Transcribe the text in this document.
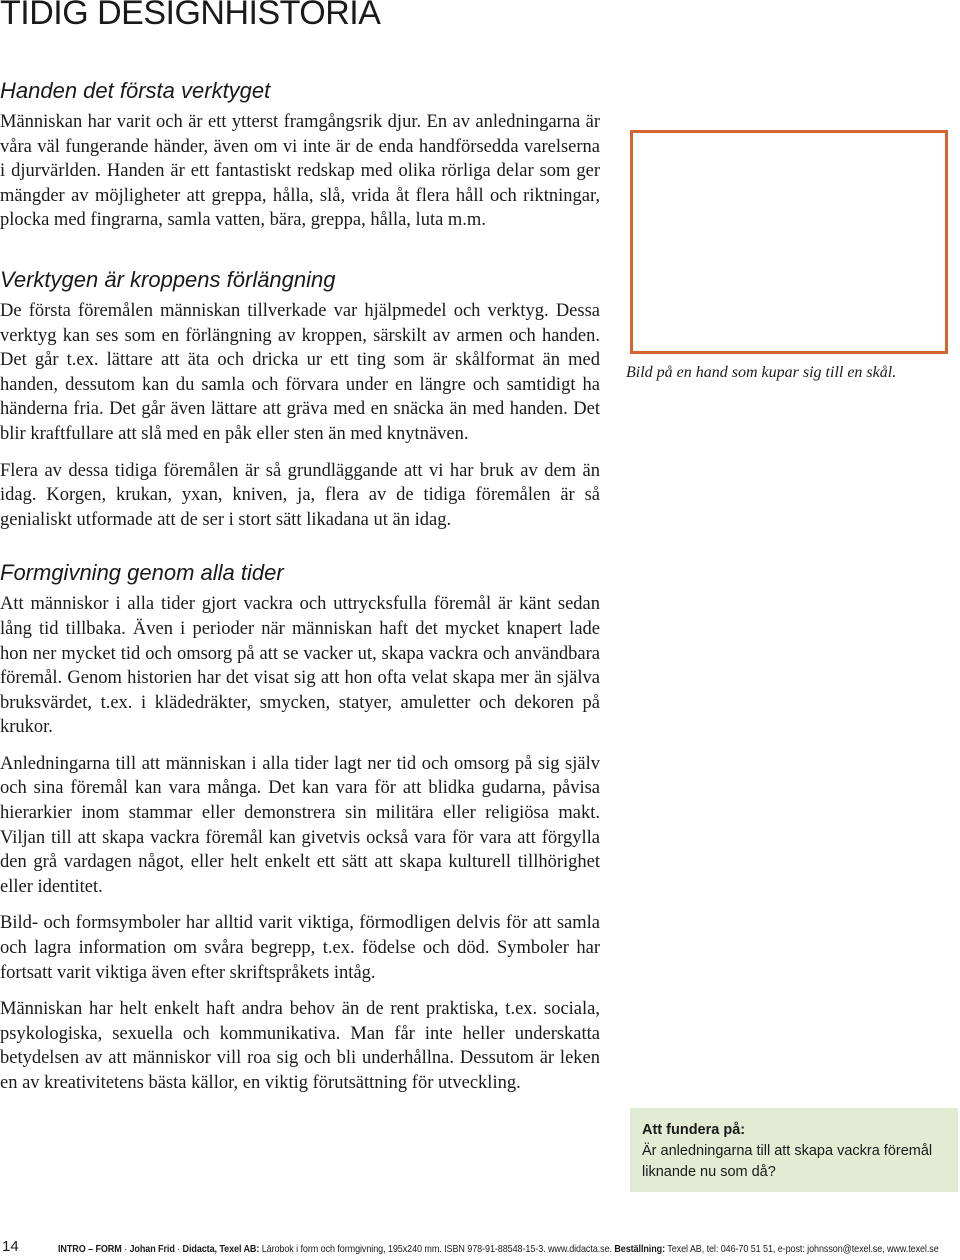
TIDIG DESIGNHISTORIA
Handen det första verktyget

Människan har varit och är ett ytterst framgångsrik djur. En av anledningarna är våra väl fungerande händer, även om vi inte är de enda handförsedda varelserna i djurvärlden. Handen är ett fantastiskt redskap med olika rörliga delar som ger mängder av möjligheter att greppa, hålla, slå, vrida åt flera håll och riktningar, plocka med fingrarna, samla vatten, bära, greppa, hålla, luta m.m.

Verktygen är kroppens förlängning

De första föremålen människan tillverkade var hjälpmedel och verktyg. Dessa verktyg kan ses som en förlängning av kroppen, särskilt av armen och handen. Det går t.ex. lättare att äta och dricka ur ett ting som är skålformat än med handen, dessutom kan du samla och förvara under en längre och samtidigt ha händerna fria. Det går även lättare att gräva med en snäcka än med handen. Det blir kraftfullare att slå med en påk eller sten än med knytnäven.

Flera av dessa tidiga föremålen är så grundläggande att vi har bruk av dem än idag. Korgen, krukan, yxan, kniven, ja, flera av de tidiga föremålen är så genialiskt utformade att de ser i stort sätt likadana ut än idag.

Formgivning genom alla tider

Att människor i alla tider gjort vackra och uttrycksfulla föremål är känt sedan lång tid tillbaka. Även i perioder när människan haft det mycket knapert lade hon ner mycket tid och omsorg på att se vacker ut, skapa vackra och användbara föremål. Genom historien har det visat sig att hon ofta velat skapa mer än själva bruksvärdet, t.ex. i klädedräkter, smycken, statyer, amuletter och dekoren på krukor.

Anledningarna till att människan i alla tider lagt ner tid och omsorg på sig själv och sina föremål kan vara många. Det kan vara för att blidka gudarna, påvisa hierarkier inom stammar eller demonstrera sin militära eller religiösa makt. Viljan till att skapa vackra föremål kan givetvis också vara för vara att förgylla den grå vardagen något, eller helt enkelt ett sätt att skapa kulturell tillhörighet eller identitet.

Bild- och formsymboler har alltid varit viktiga, förmodligen delvis för att samla och lagra information om svåra begrepp, t.ex. födelse och död. Symboler har fortsatt varit viktiga även efter skriftspråkets intåg.

Människan har helt enkelt haft andra behov än de rent praktiska, t.ex. sociala, psykologiska, sexuella och kommunikativa. Man får inte heller underskatta betydelsen av att människor vill roa sig och bli underhållna. Dessutom är leken en av kreativitetens bästa källor, en viktig förutsättning för utveckling.

Bild på en hand som kupar sig till en skål.
Att fundera på:
Är anledningarna till att skapa vackra föremål liknande nu som då?
14	INTRO – FORM · Johan Frid · Didacta, Texel AB: Lärobok i form och formgivning, 195x240 mm. ISBN 978-91-88548-15-3. www.didacta.se. Beställning: Texel AB, tel: 046-70 51 51, e-post: johnsson@texel.se, www.texel.se
